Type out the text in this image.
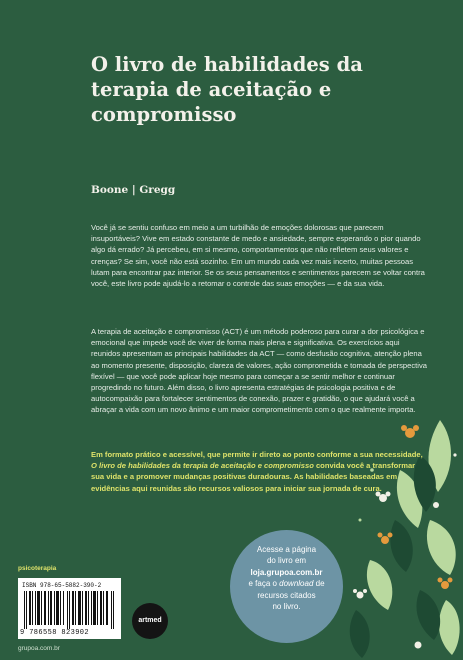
O livro de habilidades da terapia de aceitação e compromisso
Boone | Gregg

Você já se sentiu confuso em meio a um turbilhão de emoções dolorosas que parecem insuportáveis? Vive em estado constante de medo e ansiedade, sempre esperando o pior quando algo dá errado? Já percebeu, em si mesmo, comportamentos que não refletem seus valores e crenças? Se sim, você não está sozinho. Em um mundo cada vez mais incerto, muitas pessoas lutam para encontrar paz interior. Se os seus pensamentos e sentimentos parecem se voltar contra você, este livro pode ajudá-lo a retomar o controle das suas emoções — e da sua vida.

A terapia de aceitação e compromisso (ACT) é um método poderoso para curar a dor psicológica e emocional que impede você de viver de forma mais plena e significativa. Os exercícios aqui reunidos apresentam as principais habilidades da ACT — como desfusão cognitiva, atenção plena ao momento presente, disposição, clareza de valores, ação comprometida e tomada de perspectiva flexível — que você pode aplicar hoje mesmo para começar a se sentir melhor e continuar progredindo no futuro. Além disso, o livro apresenta estratégias de psicologia positiva e de autocompaixão para fortalecer sentimentos de conexão, prazer e gratidão, o que ajudará você a abraçar a vida com um novo ânimo e um maior comprometimento com o que realmente importa.

Em formato prático e acessível, que permite ir direto ao ponto conforme a sua necessidade, O livro de habilidades da terapia de aceitação e compromisso convida você a transformar sua vida e a promover mudanças positivas duradouras. As habilidades baseadas em evidências aqui reunidas são recursos valiosos para iniciar sua jornada de cura.

psicoterapia
ISBN 978-65-5882-390-2
9 786558 823902
artmed
grupoa.com.br
Acesse a página
do livro em
loja.grupoa.com.br
e faça o download de
recursos citados
no livro.
